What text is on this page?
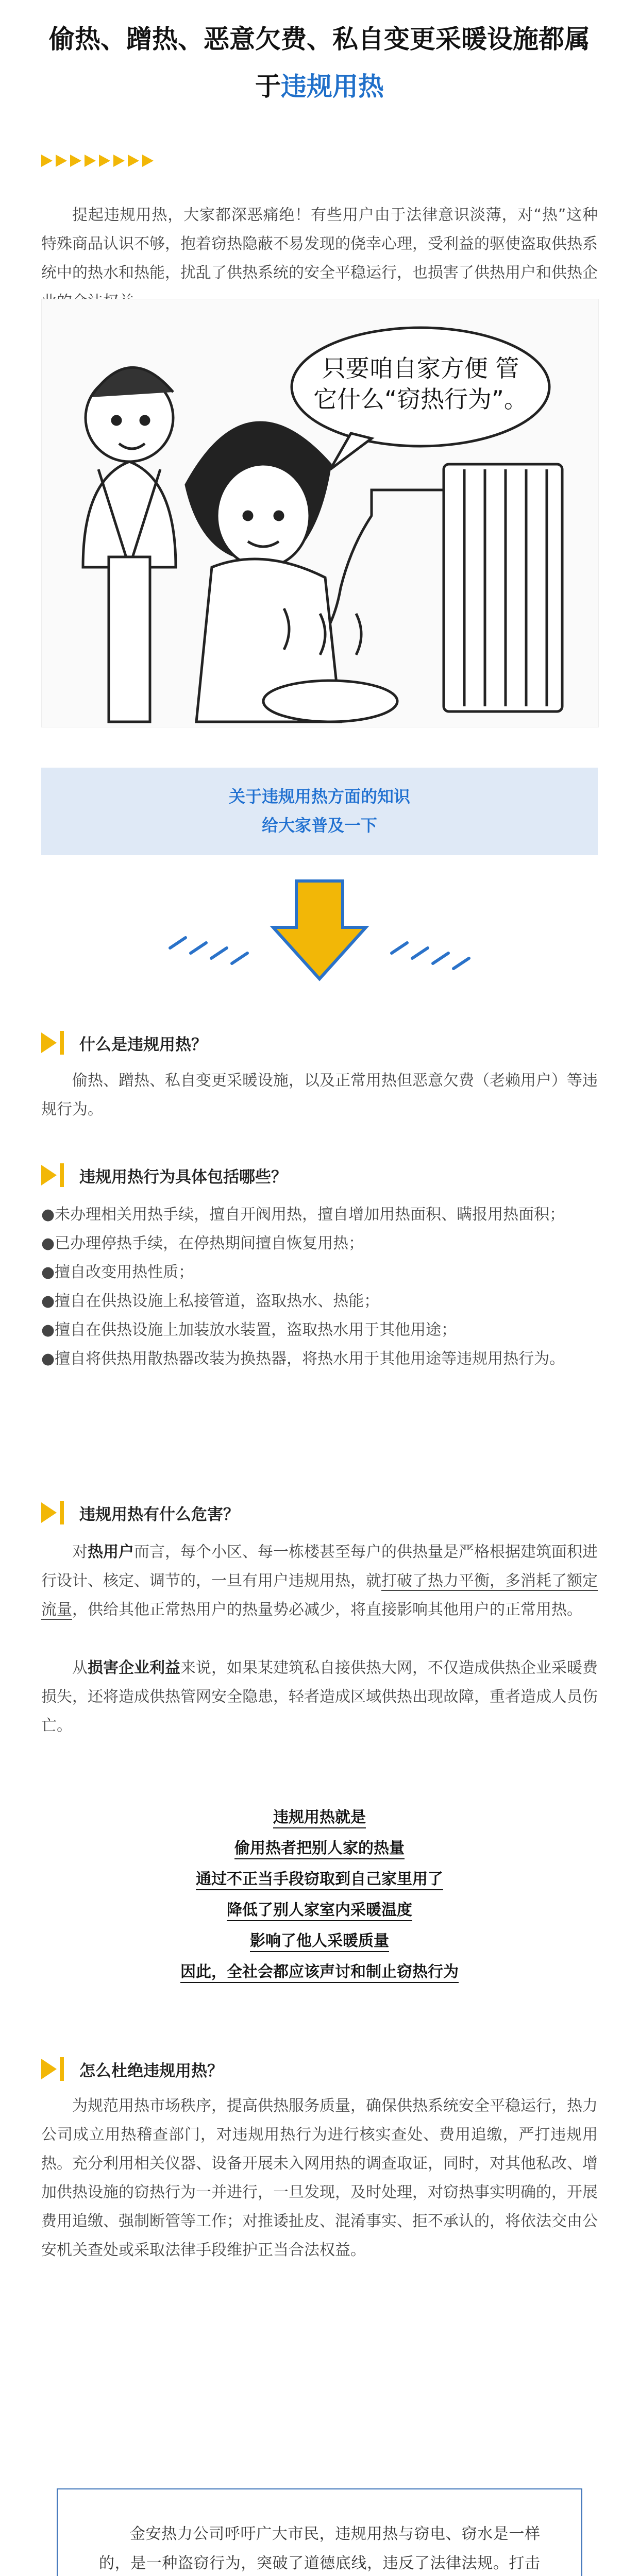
偷热、蹭热、恶意欠费、私自变更采暖设施都属
于违规用热
提起违规用热，大家都深恶痛绝！有些用户由于法律意识淡薄，对“热”这种特殊商品认识不够，抱着窃热隐蔽不易发现的侥幸心理，受利益的驱使盗取供热系统中的热水和热能，扰乱了供热系统的安全平稳运行，也损害了供热用户和供热企
只要咱自家方便 管
它什么“窃热行为”。
关于违规用热方面的知识
给大家普及一下
什么是违规用热？
偷热、蹭热、私自变更采暖设施，以及正常用热但恶意欠费（老赖用户）等违规行为。
违规用热行为具体包括哪些？
●未办理相关用热手续，擅自开阀用热，擅自增加用热面积、瞒报用热面积；
●已办理停热手续，在停热期间擅自恢复用热；
●擅自改变用热性质；
●擅自在供热设施上私接管道，盗取热水、热能；
●擅自在供热设施上加装放水装置，盗取热水用于其他用途；
●擅自将供热用散热器改装为换热器，将热水用于其他用途等违规用热行为。
违规用热有什么危害？
对热用户而言，每个小区、每一栋楼甚至每户的供热量是严格根据建筑面积进行设计、核定、调节的，一旦有用户违规用热，就打破了热力平衡，多消耗了额定流量，供给其他正常热用户的热量势必减少，将直接影响其他用户的正常用热。
从损害企业利益来说，如果某建筑私自接供热大网，不仅造成供热企业采暖费损失，还将造成供热管网安全隐患，轻者造成区域供热出现故障，重者造成人员伤亡。
违规用热就是
偷用热者把别人家的热量
通过不正当手段窃取到自己家里用了
降低了别人家室内采暖温度
影响了他人采暖质量
因此，全社会都应该声讨和制止窃热行为
怎么杜绝违规用热？
为规范用热市场秩序，提高供热服务质量，确保供热系统安全平稳运行，热力公司成立用热稽查部门，对违规用热行为进行核实查处、费用追缴，严打违规用热。充分利用相关仪器、设备开展未入网用热的调查取证，同时，对其他私改、增加供热设施的窃热行为一并进行，一旦发现，及时处理，对窃热事实明确的，开展费用追缴、强制断管等工作；对推诿扯皮、混淆事实、拒不承认的，将依法交由公安机关查处或采取法律手段维护正当合法权益。
金安热力公司呼吁广大市民，违规用热与窃电、窃水是一样的，是一种盗窃行为，突破了道德底线，违反了法律法规。打击
